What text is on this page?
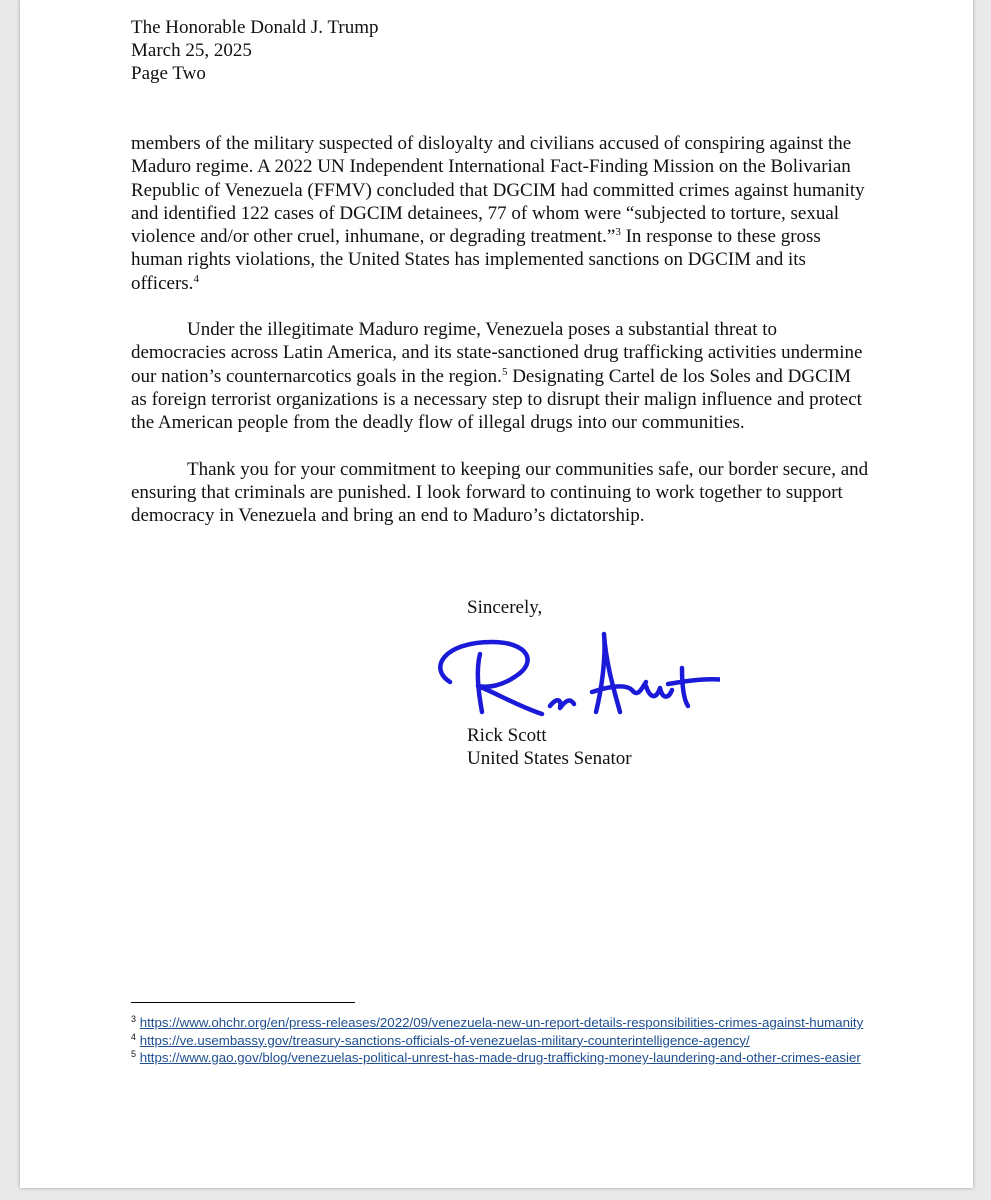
The Honorable Donald J. Trump
March 25, 2025
Page Two

members of the military suspected of disloyalty and civilians accused of conspiring against the Maduro regime. A 2022 UN Independent International Fact-Finding Mission on the Bolivarian Republic of Venezuela (FFMV) concluded that DGCIM had committed crimes against humanity and identified 122 cases of DGCIM detainees, 77 of whom were “subjected to torture, sexual violence and/or other cruel, inhumane, or degrading treatment.”$^3$ In response to these gross human rights violations, the United States has implemented sanctions on DGCIM and its officers.$^4$

Under the illegitimate Maduro regime, Venezuela poses a substantial threat to democracies across Latin America, and its state-sanctioned drug trafficking activities undermine our nation’s counternarcotics goals in the region.$^5$ Designating Cartel de los Soles and DGCIM as foreign terrorist organizations is a necessary step to disrupt their malign influence and protect the American people from the deadly flow of illegal drugs into our communities.

Thank you for your commitment to keeping our communities safe, our border secure, and ensuring that criminals are punished. I look forward to continuing to work together to support democracy in Venezuela and bring an end to Maduro’s dictatorship.

Sincerely,
Rick Scott
United States Senator

$^3$ https://www.ohchr.org/en/press-releases/2022/09/venezuela-new-un-report-details-responsibilities-crimes-against-humanity

$^4$ https://ve.usembassy.gov/treasury-sanctions-officials-of-venezuelas-military-counterintelligence-agency/

$^5$ https://www.gao.gov/blog/venezuelas-political-unrest-has-made-drug-trafficking-money-laundering-and-other-crimes-easier
